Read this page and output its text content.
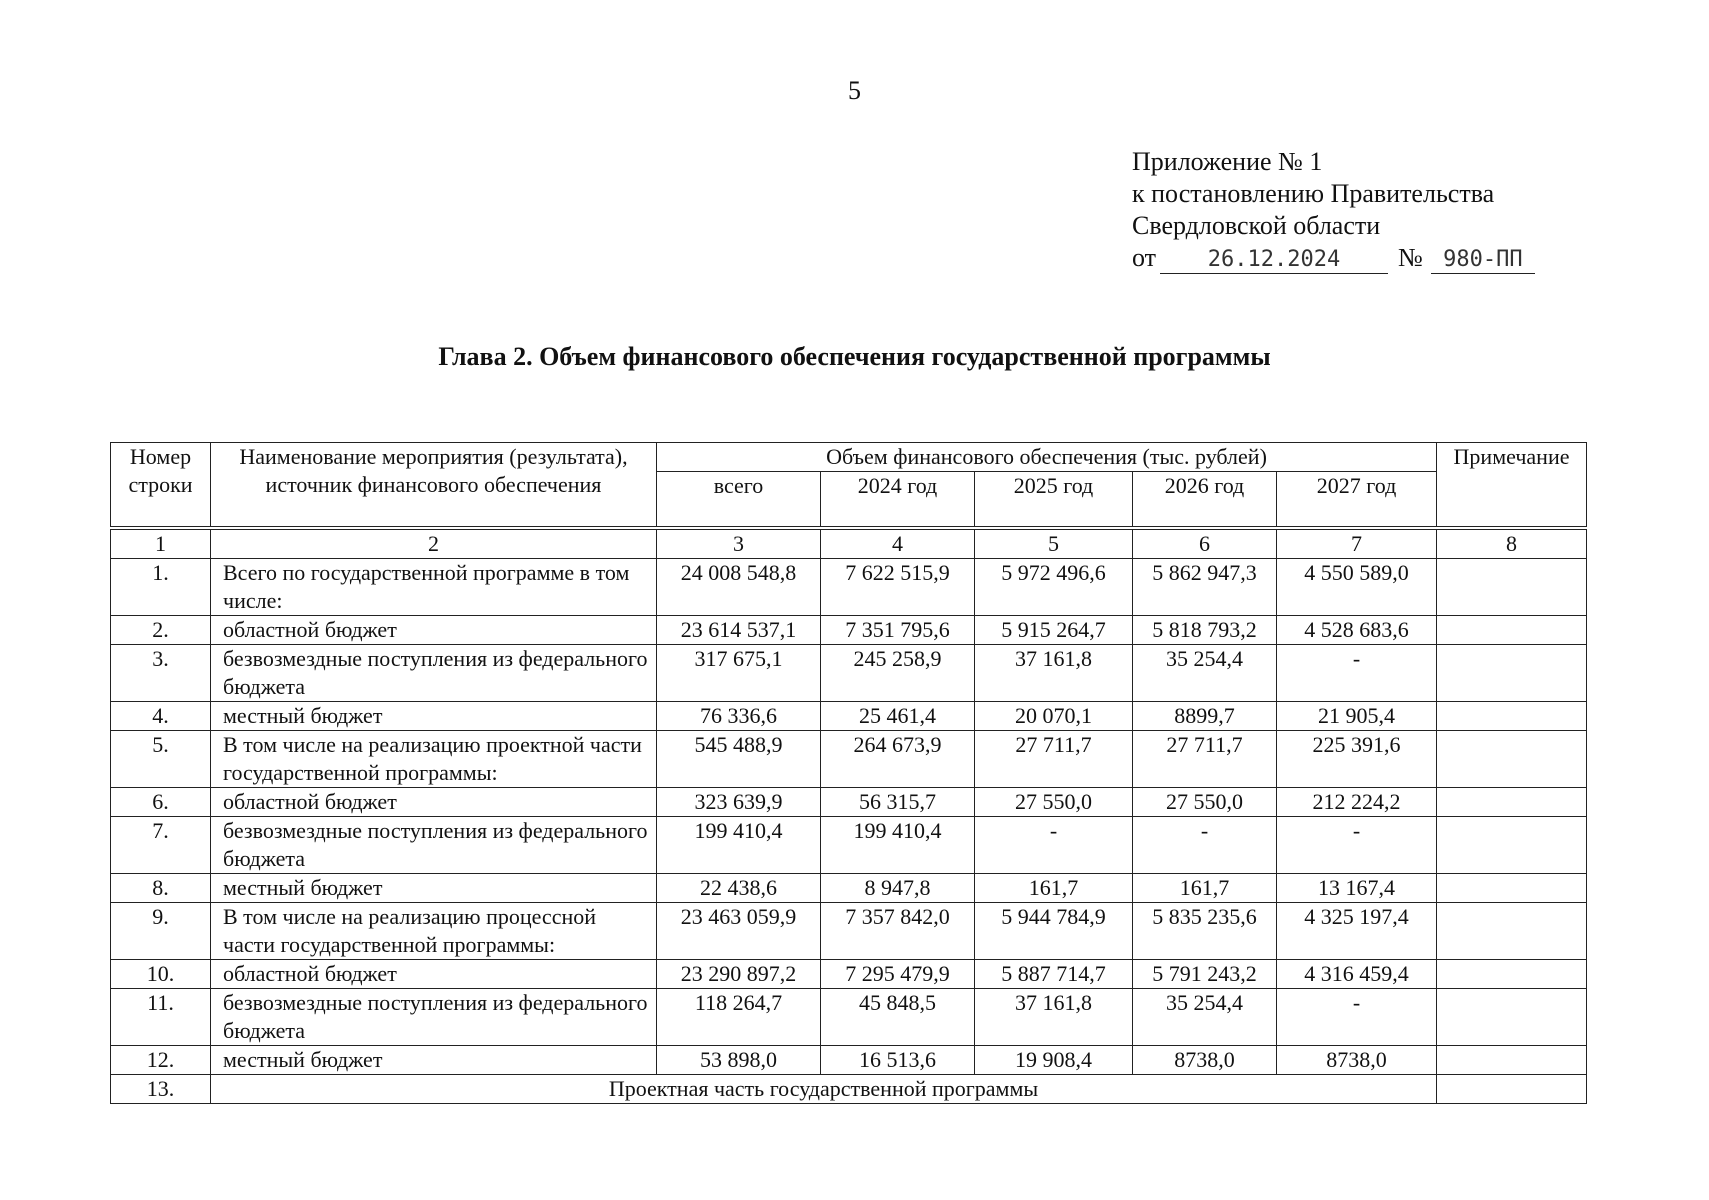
5
Приложение № 1
к постановлению Правительства
Свердловской области
от	26.12.2024	№ 980-ПП
Глава 2. Объем финансового обеспечения государственной программы
Номер строки	Наименование мероприятия (результата), источник финансового обеспечения	Объем финансового обеспечения (тыс. рублей)					Примечание
		всего	2024 год	2025 год	2026 год	2027 год	
1	2	3	4	5	6	7	8
1.	Всего по государственной программе в том числе:	24 008 548,8	7 622 515,9	5 972 496,6	5 862 947,3	4 550 589,0	
2.	областной бюджет	23 614 537,1	7 351 795,6	5 915 264,7	5 818 793,2	4 528 683,6	
3.	безвозмездные поступления из федерального бюджета	317 675,1	245 258,9	37 161,8	35 254,4	-	
4.	местный бюджет	76 336,6	25 461,4	20 070,1	8899,7	21 905,4	
5.	В том числе на реализацию проектной части государственной программы:	545 488,9	264 673,9	27 711,7	27 711,7	225 391,6	
6.	областной бюджет	323 639,9	56 315,7	27 550,0	27 550,0	212 224,2	
7.	безвозмездные поступления из федерального бюджета	199 410,4	199 410,4	-	-	-	
8.	местный бюджет	22 438,6	8 947,8	161,7	161,7	13 167,4	
9.	В том числе на реализацию процессной части государственной программы:	23 463 059,9	7 357 842,0	5 944 784,9	5 835 235,6	4 325 197,4	
10.	областной бюджет	23 290 897,2	7 295 479,9	5 887 714,7	5 791 243,2	4 316 459,4	
11.	безвозмездные поступления из федерального бюджета	118 264,7	45 848,5	37 161,8	35 254,4	-	
12.	местный бюджет	53 898,0	16 513,6	19 908,4	8738,0	8738,0	
13.	Проектная часть государственной программы						
